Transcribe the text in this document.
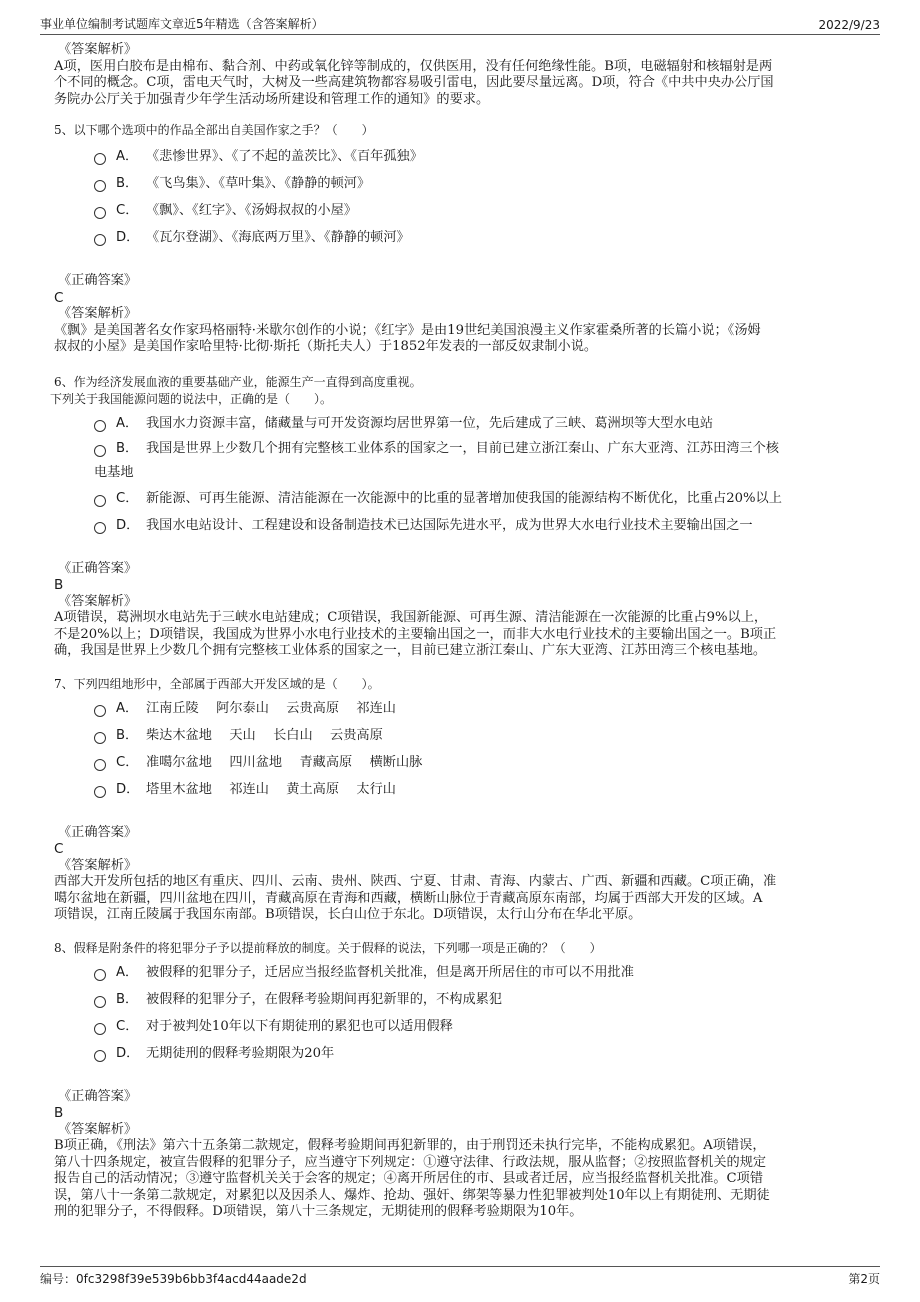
事业单位编制考试题库文章近5年精选（含答案解析）	2022/9/23
《答案解析》
A项，医用白胶布是由棉布、黏合剂、中药或氧化锌等制成的，仅供医用，没有任何绝缘性能。B项，电磁辐射和核辐射是两
个不同的概念。C项，雷电天气时，大树及一些高建筑物都容易吸引雷电，因此要尽量远离。D项，符合《中共中央办公厅国
务院办公厅关于加强青少年学生活动场所建设和管理工作的通知》的要求。
5、以下哪个选项中的作品全部出自美国作家之手？（　　）
A． 《悲惨世界》、《了不起的盖茨比》、《百年孤独》
B． 《飞鸟集》、《草叶集》、《静静的顿河》
C． 《飘》、《红字》、《汤姆叔叔的小屋》
D． 《瓦尔登湖》、《海底两万里》、《静静的顿河》
《正确答案》
C
《答案解析》
《飘》是美国著名女作家玛格丽特·米歇尔创作的小说；《红字》是由19世纪美国浪漫主义作家霍桑所著的长篇小说；《汤姆
叔叔的小屋》是美国作家哈里特·比彻·斯托（斯托夫人）于1852年发表的一部反奴隶制小说。
6、作为经济发展血液的重要基础产业，能源生产一直得到高度重视。
下列关于我国能源问题的说法中，正确的是（　　）。
A． 我国水力资源丰富，储藏量与可开发资源均居世界第一位，先后建成了三峡、葛洲坝等大型水电站
B． 我国是世界上少数几个拥有完整核工业体系的国家之一，目前已建立浙江秦山、广东大亚湾、江苏田湾三个核
电基地
C． 新能源、可再生能源、清洁能源在一次能源中的比重的显著增加使我国的能源结构不断优化，比重占20%以上
D． 我国水电站设计、工程建设和设备制造技术已达国际先进水平，成为世界大水电行业技术主要输出国之一
《正确答案》
B
《答案解析》
A项错误，葛洲坝水电站先于三峡水电站建成；C项错误，我国新能源、可再生源、清洁能源在一次能源的比重占9%以上，
不是20%以上；D项错误，我国成为世界小水电行业技术的主要输出国之一，而非大水电行业技术的主要输出国之一。B项正
确，我国是世界上少数几个拥有完整核工业体系的国家之一，目前已建立浙江秦山、广东大亚湾、江苏田湾三个核电基地。
7、下列四组地形中，全部属于西部大开发区域的是（　　）。
A． 江南丘陵　 阿尔泰山　 云贵高原　 祁连山
B． 柴达木盆地　 天山　 长白山　 云贵高原
C． 准噶尔盆地　 四川盆地　 青藏高原　 横断山脉
D． 塔里木盆地　 祁连山　 黄土高原　 太行山
《正确答案》
C
《答案解析》
西部大开发所包括的地区有重庆、四川、云南、贵州、陕西、宁夏、甘肃、青海、内蒙古、广西、新疆和西藏。C项正确，准
噶尔盆地在新疆，四川盆地在四川，青藏高原在青海和西藏，横断山脉位于青藏高原东南部，均属于西部大开发的区域。A
项错误，江南丘陵属于我国东南部。B项错误，长白山位于东北。D项错误，太行山分布在华北平原。
8、假释是附条件的将犯罪分子予以提前释放的制度。关于假释的说法，下列哪一项是正确的？（　　）
A． 被假释的犯罪分子，迁居应当报经监督机关批准，但是离开所居住的市可以不用批准
B． 被假释的犯罪分子，在假释考验期间再犯新罪的，不构成累犯
C． 对于被判处10年以下有期徒刑的累犯也可以适用假释
D． 无期徒刑的假释考验期限为20年
《正确答案》
B
《答案解析》
B项正确，《刑法》第六十五条第二款规定，假释考验期间再犯新罪的，由于刑罚还未执行完毕，不能构成累犯。A项错误，
第八十四条规定，被宣告假释的犯罪分子，应当遵守下列规定：①遵守法律、行政法规，服从监督；②按照监督机关的规定
报告自己的活动情况；③遵守监督机关关于会客的规定；④离开所居住的市、县或者迁居，应当报经监督机关批准。C项错
误，第八十一条第二款规定，对累犯以及因杀人、爆炸、抢劫、强奸、绑架等暴力性犯罪被判处10年以上有期徒刑、无期徒
刑的犯罪分子，不得假释。D项错误，第八十三条规定，无期徒刑的假释考验期限为10年。
编号：0fc3298f39e539b6bb3f4acd44aade2d	第2页
